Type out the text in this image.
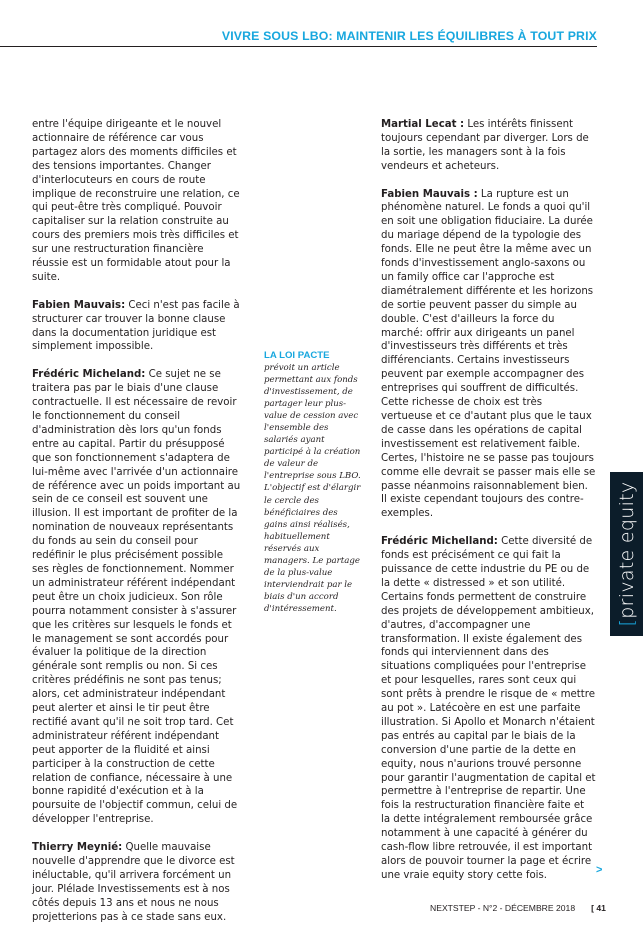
VIVRE SOUS LBO: MAINTENIR LES ÉQUILIBRES À TOUT PRIX

entre l'équipe dirigeante et le nouvel actionnaire de référence car vous partagez alors des moments difficiles et des tensions importantes. Changer d'interlocuteurs en cours de route implique de reconstruire une relation, ce qui peut-être très compliqué. Pouvoir capitaliser sur la relation construite au cours des premiers mois très difficiles et sur une restructuration financière réussie est un formidable atout pour la suite.

Fabien Mauvais: Ceci n'est pas facile à structurer car trouver la bonne clause dans la documentation juridique est simplement impossible.

Frédéric Micheland: Ce sujet ne se traitera pas par le biais d'une clause contractuelle. Il est nécessaire de revoir le fonctionnement du conseil d'administration dès lors qu'un fonds entre au capital. Partir du présupposé que son fonctionnement s'adaptera de lui-même avec l'arrivée d'un actionnaire de référence avec un poids important au sein de ce conseil est souvent une illusion. Il est important de profiter de la nomination de nouveaux représentants du fonds au sein du conseil pour redéfinir le plus précisément possible ses règles de fonctionnement. Nommer un administrateur référent indépendant peut être un choix judicieux. Son rôle pourra notamment consister à s'assurer que les critères sur lesquels le fonds et le management se sont accordés pour évaluer la politique de la direction générale sont remplis ou non. Si ces critères prédéfinis ne sont pas tenus; alors, cet administrateur indépendant peut alerter et ainsi le tir peut être rectifié avant qu'il ne soit trop tard. Cet administrateur référent indépendant peut apporter de la fluidité et ainsi participer à la construction de cette relation de confiance, nécessaire à une bonne rapidité d'exécution et à la poursuite de l'objectif commun, celui de développer l'entreprise.

Thierry Meynié: Quelle mauvaise nouvelle d'apprendre que le divorce est inéluctable, qu'il arrivera forcément un jour. Plélade Investissements est à nos côtés depuis 13 ans et nous ne nous projetterions pas à ce stade sans eux.

LA LOI PACTE
prévoit un article permettant aux fonds d'investissement, de partager leur plus-value de cession avec l'ensemble des salariés ayant participé à la création de valeur de l'entreprise sous LBO. L'objectif est d'élargir le cercle des bénéficiaires des gains ainsi réalisés, habituellement réservés aux managers. Le partage de la plus-value interviendrait par le biais d'un accord d'intéressement.

Martial Lecat : Les intérêts finissent toujours cependant par diverger. Lors de la sortie, les managers sont à la fois vendeurs et acheteurs.

Fabien Mauvais : La rupture est un phénomène naturel. Le fonds a quoi qu'il en soit une obligation fiduciaire. La durée du mariage dépend de la typologie des fonds. Elle ne peut être la même avec un fonds d'investissement anglo-saxons ou un family office car l'approche est diamétralement différente et les horizons de sortie peuvent passer du simple au double. C'est d'ailleurs la force du marché: offrir aux dirigeants un panel d'investisseurs très différents et très différenciants. Certains investisseurs peuvent par exemple accompagner des entreprises qui souffrent de difficultés. Cette richesse de choix est très vertueuse et ce d'autant plus que le taux de casse dans les opérations de capital investissement est relativement faible. Certes, l'histoire ne se passe pas toujours comme elle devrait se passer mais elle se passe néanmoins raisonnablement bien. Il existe cependant toujours des contre-exemples.

Frédéric Michelland: Cette diversité de fonds est précisément ce qui fait la puissance de cette industrie du PE ou de la dette « distressed » et son utilité. Certains fonds permettent de construire des projets de développement ambitieux, d'autres, d'accompagner une transformation. Il existe également des fonds qui interviennent dans des situations compliquées pour l'entreprise et pour lesquelles, rares sont ceux qui sont prêts à prendre le risque de « mettre au pot ». Latécoère en est une parfaite illustration. Si Apollo et Monarch n'étaient pas entrés au capital par le biais de la conversion d'une partie de la dette en equity, nous n'aurions trouvé personne pour garantir l'augmentation de capital et permettre à l'entreprise de repartir. Une fois la restructuration financière faite et la dette intégralement remboursée grâce notamment à une capacité à générer du cash-flow libre retrouvée, il est important alors de pouvoir tourner la page et écrire une vraie equity story cette fois.

[private equity
>
NEXTSTEP - N°2 - DÉCEMBRE 2018 [ 41
